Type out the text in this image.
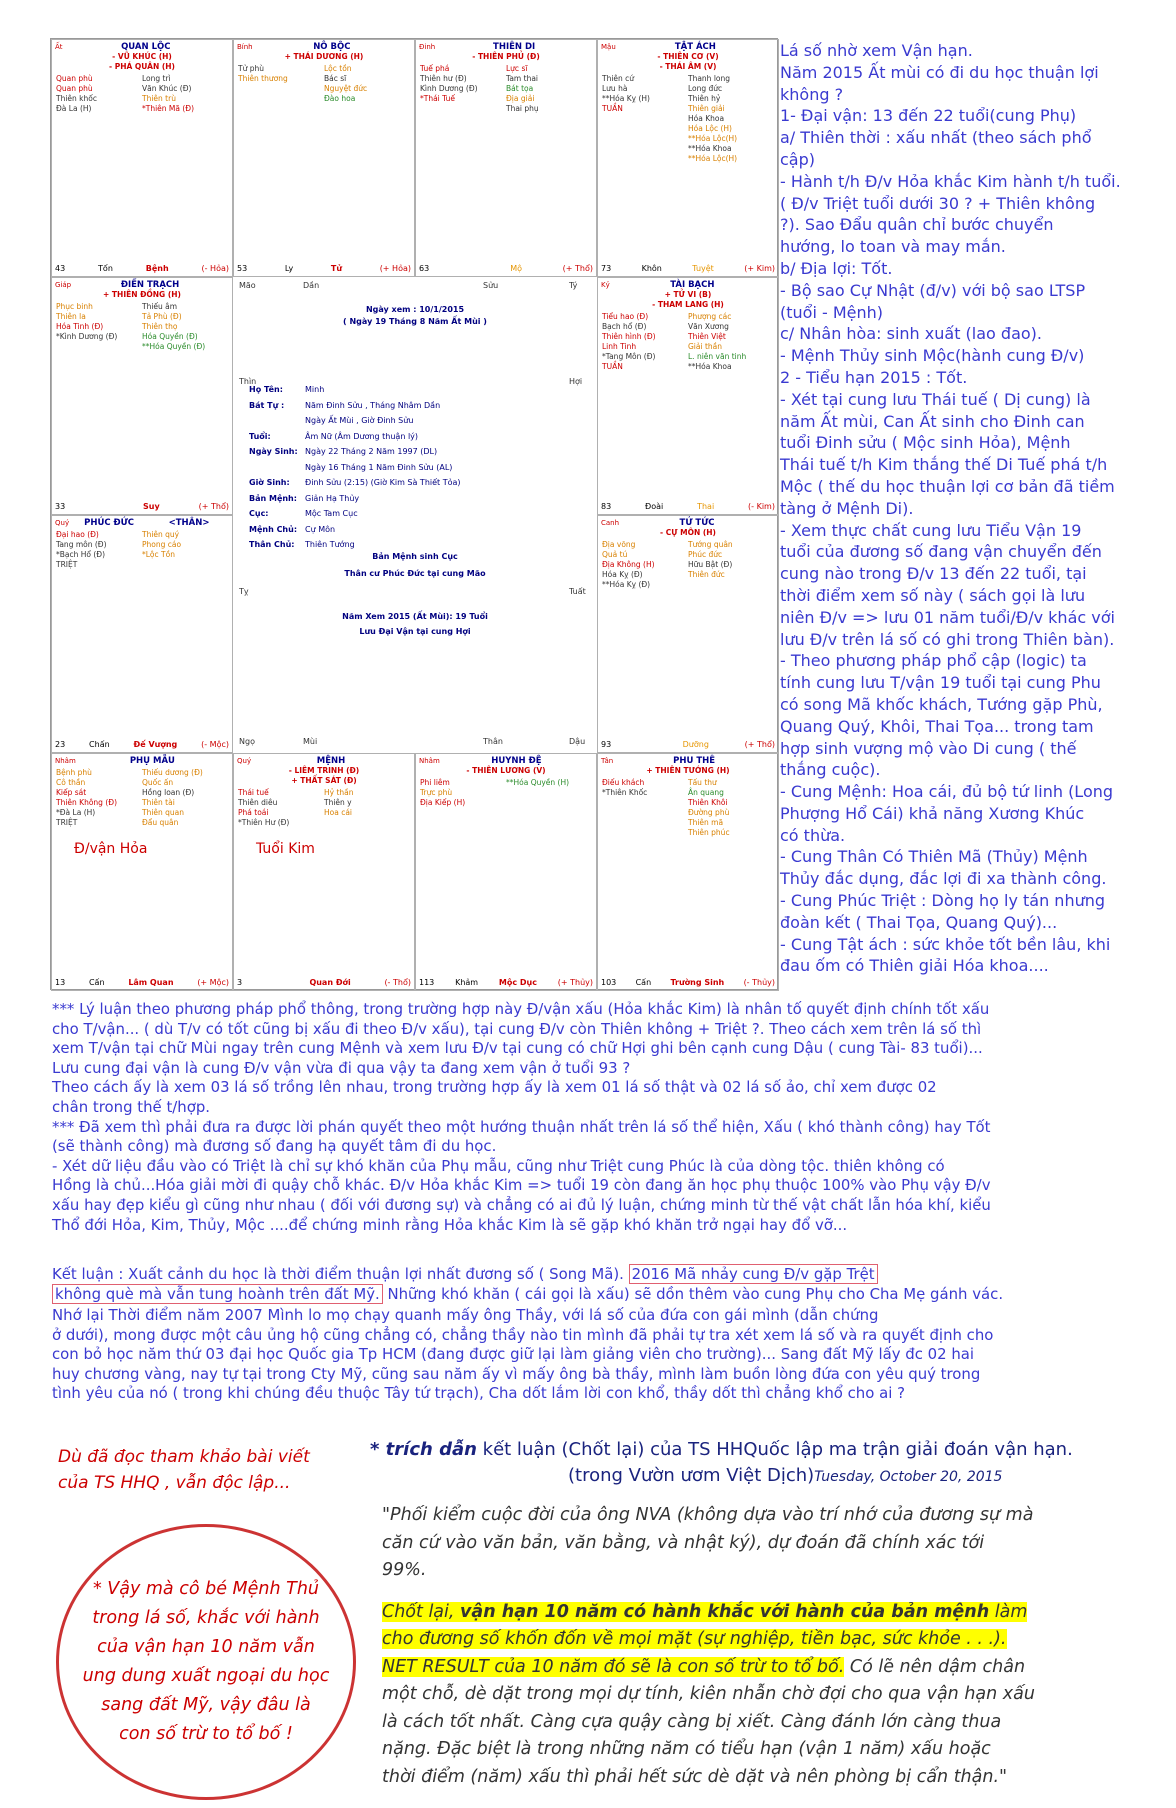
Ất	QUAN LỘC
- VŨ KHÚC (H)
- PHÁ QUÂN (H)
Quan phù
Quan phù
Thiên khốc
Đà La (H)
Long trì
Văn Khúc (Đ)
Thiên trù
*Thiên Mã (Đ)
43	Tốn	Bệnh	(- Hỏa)
Bính	NÔ BỘC
+ THÁI DƯƠNG (H)
Tử phù
Thiên thương
Lộc tồn
Bác sĩ
Nguyệt đức
Đào hoa
53	Ly	Tử	(+ Hỏa)
Đinh	THIÊN DI
- THIÊN PHỦ (Đ)
Tuế phá
Thiên hư (Đ)
Kình Dương (Đ)
*Thái Tuế
Lực sĩ
Tam thai
Bát tọa
Địa giải
Thai phụ
63	Mộ	(+ Thổ)
Mậu	TẬT ÁCH
- THIÊN CƠ (V)
- THÁI ÂM (V)
Thiên cứ
Lưu hà
**Hóa Kỵ (H)
TUẦN
Thanh long
Long đức
Thiên hỷ
Thiên giải
Hóa Khoa
Hóa Lộc (H)
**Hóa Lộc(H)
**Hóa Khoa
**Hóa Lộc(H)
73	Khôn	Tuyệt	(+ Kim)
Giáp	ĐIỀN TRẠCH
+ THIÊN ĐỒNG (H)
Phục binh
Thiên la
Hóa Tinh (Đ)
*Kình Dương (Đ)
Thiếu âm
Tả Phù (Đ)
Thiên thọ
Hóa Quyền (Đ)
**Hóa Quyền (Đ)
33	Suy	(+ Thổ)
Kỷ	TÀI BẠCH
+ TỬ VI (B)
- THAM LANG (H)
Tiểu hao (Đ)
Bạch hổ (Đ)
Thiên hình (Đ)
Linh Tinh
*Tang Môn (Đ)
TUẦN
Phượng các
Văn Xương
Thiên Việt
Giải thần
L. niên văn tinh
**Hóa Khoa
83	Đoài	Thai	(- Kim)
Quý	PHÚC ĐỨC	<THÂN>
Đại hao (Đ)
Tang môn (Đ)
*Bạch Hổ (Đ)
TRIỆT
Thiên quý
Phong cáo
*Lộc Tồn
23	Chấn	Đế Vượng	(- Mộc)
Canh	TỬ TỨC
- CỰ MÔN (H)
Địa võng
Quả tú
Địa Không (H)
Hóa Kỵ (Đ)
**Hóa Kỵ (Đ)
Tướng quân
Phúc đức
Hữu Bật (Đ)
Thiên đức
93	Dưỡng	(+ Thổ)
Nhâm	PHỤ MẪU
Bệnh phù
Cô thần
Kiếp sát
Thiên Không (Đ)
*Đà La (H)
TRIỆT
Thiếu dương (Đ)
Quốc ấn
Hồng loan (Đ)
Thiên tài
Thiên quan
Đẩu quân
Đ/vận Hỏa
13	Cấn	Lâm Quan	(+ Mộc)
Quý	MỆNH
- LIÊM TRINH (Đ)
+ THẤT SÁT (Đ)
Thái tuế
Thiên diêu
Phá toái
*Thiên Hư (Đ)
Hỷ thần
Thiên y
Hoa cái
Tuổi Kim
3	Quan Đới	(- Thổ)
Nhâm	HUYNH ĐỆ
- THIÊN LƯƠNG (V)
Phi liêm
Trực phù
Địa Kiếp (H)
**Hóa Quyền (H)
113	Khảm	Mộc Dục	(+ Thủy)
Tân	PHU THÊ
+ THIÊN TƯỚNG (H)
Điếu khách
*Thiên Khốc
Tấu thư
Ân quang
Thiên Khôi
Đường phù
Thiên mã
Thiên phúc
103 Cấn Trường Sinh (- Thủy)
Mão	Dần	Sửu	Tý
Thìn	Hợi
Tỵ	Tuất
Ngọ	Mùi	Thân	Dậu
Ngày xem : 10/1/2015
( Ngày 19 Tháng 8 Năm Ất Mùi )
Họ Tên:	Minh
Bát Tự :	Năm Đinh Sửu , Tháng Nhâm Dần
Ngày Ất Mùi , Giờ Đinh Sửu
Tuổi:	Âm Nữ (Âm Dương thuận lý)
Ngày Sinh: Ngày 22 Tháng 2 Năm 1997 (DL)
Ngày 16 Tháng 1 Năm Đinh Sửu (AL)
Giờ Sinh:	Đinh Sửu (2:15) (Giờ Kim Sà Thiết Tỏa)
Bản Mệnh:	Giản Hạ Thủy
Cục:	Mộc Tam Cục
Mệnh Chủ: Cự Môn
Thân Chủ:	Thiên Tướng
Bản Mệnh sinh Cục
Thân cư Phúc Đức tại cung Mão
Năm Xem 2015 (Ất Mùi): 19 Tuổi
Lưu Đại Vận tại cung Hợi
Lá số nhờ xem Vận hạn.
Năm 2015 Ất mùi có đi du học thuận lợi
không ?
1- Đại vận: 13 đến 22 tuổi(cung Phụ)
a/ Thiên thời : xấu nhất (theo sách phổ
cập)
- Hành t/h Đ/v Hỏa khắc Kim hành t/h tuổi.
( Đ/v Triệt tuổi dưới 30 ? + Thiên không
?). Sao Đẩu quân chỉ bước chuyển
hướng, lo toan và may mắn.
b/ Địa lợi: Tốt.
- Bộ sao Cự Nhật (đ/v) với bộ sao LTSP
(tuổi - Mệnh)
c/ Nhân hòa: sinh xuất (lao đao).
- Mệnh Thủy sinh Mộc(hành cung Đ/v)
2 - Tiểu hạn 2015 : Tốt.
- Xét tại cung lưu Thái tuế ( Dị cung) là
năm Ất mùi, Can Ất sinh cho Đinh can
tuổi Đinh sửu ( Mộc sinh Hỏa), Mệnh
Thái tuế t/h Kim thắng thế Di Tuế phá t/h
Mộc ( thế du học thuận lợi cơ bản đã tiềm
tàng ở Mệnh Di).
- Xem thực chất cung lưu Tiểu Vận 19
tuổi của đương số đang vận chuyển đến
cung nào trong Đ/v 13 đến 22 tuổi, tại
thời điểm xem số này ( sách gọi là lưu
niên Đ/v => lưu 01 năm tuổi/Đ/v khác với
lưu Đ/v trên lá số có ghi trong Thiên bàn).
- Theo phương pháp phổ cập (logic) ta
tính cung lưu T/vận 19 tuổi tại cung Phu
có song Mã khốc khách, Tướng gặp Phù,
Quang Quý, Khôi, Thai Tọa... trong tam
hợp sinh vượng mộ vào Di cung ( thế
thắng cuộc).
- Cung Mệnh: Hoa cái, đủ bộ tứ linh (Long
Phượng Hổ Cái) khả năng Xương Khúc
có thừa.
- Cung Thân Có Thiên Mã (Thủy) Mệnh
Thủy đắc dụng, đắc lợi đi xa thành công.
- Cung Phúc Triệt : Dòng họ ly tán nhưng
đoàn kết ( Thai Tọa, Quang Quý)...
- Cung Tật ách : sức khỏe tốt bền lâu, khi
đau ốm có Thiên giải Hóa khoa....
*** Lý luận theo phương pháp phổ thông, trong trường hợp này Đ/vận xấu (Hỏa khắc Kim) là nhân tố quyết định chính tốt xấu
cho T/vận... ( dù T/v có tốt cũng bị xấu đi theo Đ/v xấu), tại cung Đ/v còn Thiên không + Triệt ?. Theo cách xem trên lá số thì
xem T/vận tại chữ Mùi ngay trên cung Mệnh và xem lưu Đ/v tại cung có chữ Hợi ghi bên cạnh cung Dậu ( cung Tài- 83 tuổi)...
Lưu cung đại vận là cung Đ/v vận vừa đi qua vậy ta đang xem vận ở tuổi 93 ?
Theo cách ấy là xem 03 lá số trồng lên nhau, trong trường hợp ấy là xem 01 lá số thật và 02 lá số ảo, chỉ xem được 02
chân trong thế t/hợp.
*** Đã xem thì phải đưa ra được lời phán quyết theo một hướng thuận nhất trên lá số thể hiện, Xấu ( khó thành công) hay Tốt
(sẽ thành công) mà đương số đang hạ quyết tâm đi du học.
- Xét dữ liệu đầu vào có Triệt là chỉ sự khó khăn của Phụ mẫu, cũng như Triệt cung Phúc là của dòng tộc. thiên không có
Hồng là chủ...Hóa giải mời đi quậy chỗ khác. Đ/v Hỏa khắc Kim => tuổi 19 còn đang ăn học phụ thuộc 100% vào Phụ vậy Đ/v
xấu hay đẹp kiểu gì cũng như nhau ( đối với đương sự) và chẳng có ai đủ lý luận, chứng minh từ thế vật chất lẫn hóa khí, kiểu
Thổ đới Hỏa, Kim, Thủy, Mộc ....để chứng minh rằng Hỏa khắc Kim là sẽ gặp khó khăn trở ngại hay đổ vỡ...
Kết luận : Xuất cảnh du học là thời điểm thuận lợi nhất đương số ( Song Mã). 2016 Mã nhảy cung Đ/v gặp Trệt
không què mà vẫn tung hoành trên đất Mỹ. Những khó khăn ( cái gọi là xấu) sẽ dồn thêm vào cung Phụ cho Cha Mẹ gánh vác.
Nhớ lại Thời điểm năm 2007 Mình lo mọ chạy quanh mấy ông Thầy, với lá số của đứa con gái mình (dẫn chứng
ở dưới), mong được một câu ủng hộ cũng chẳng có, chẳng thầy nào tin mình đã phải tự tra xét xem lá số và ra quyết định cho
con bỏ học năm thứ 03 đại học Quốc gia Tp HCM (đang được giữ lại làm giảng viên cho trường)... Sang đất Mỹ lấy đc 02 hai
huy chương vàng, nay tự tại trong Cty Mỹ, cũng sau năm ấy vì mấy ông bà thầy, mình làm buồn lòng đứa con yêu quý trong
tình yêu của nó ( trong khi chúng đều thuộc Tây tứ trạch), Cha dốt lắm lời con khổ, thầy dốt thì chẳng khổ cho ai ?
Dù đã đọc tham khảo bài viết
của TS HHQ , vẫn độc lập...
* Vậy mà cô bé Mệnh Thủ
trong lá số, khắc với hành
của vận hạn 10 năm vẫn
ung dung xuất ngoại du học
sang đất Mỹ, vậy đâu là
con số trừ to tổ bố !
* trích dẫn kết luận (Chốt lại) của TS HHQuốc lập ma trận giải đoán vận hạn.
(trong Vườn ươm Việt Dịch)Tuesday, October 20, 2015
"Phối kiểm cuộc đời của ông NVA (không dựa vào trí nhớ của đương sự mà
căn cứ vào văn bản, văn bằng, và nhật ký), dự đoán đã chính xác tới
99%.
Chốt lại, vận hạn 10 năm có hành khắc với hành của bản mệnh làm
cho đương số khốn đốn về mọi mặt (sự nghiệp, tiền bạc, sức khỏe . . .).
NET RESULT của 10 năm đó sẽ là con số trừ to tổ bố. Có lẽ nên dậm chân
một chỗ, dè dặt trong mọi dự tính, kiên nhẫn chờ đợi cho qua vận hạn xấu
là cách tốt nhất. Càng cựa quậy càng bị xiết. Càng đánh lớn càng thua
nặng. Đặc biệt là trong những năm có tiểu hạn (vận 1 năm) xấu hoặc
thời điểm (năm) xấu thì phải hết sức dè dặt và nên phòng bị cẩn thận."
